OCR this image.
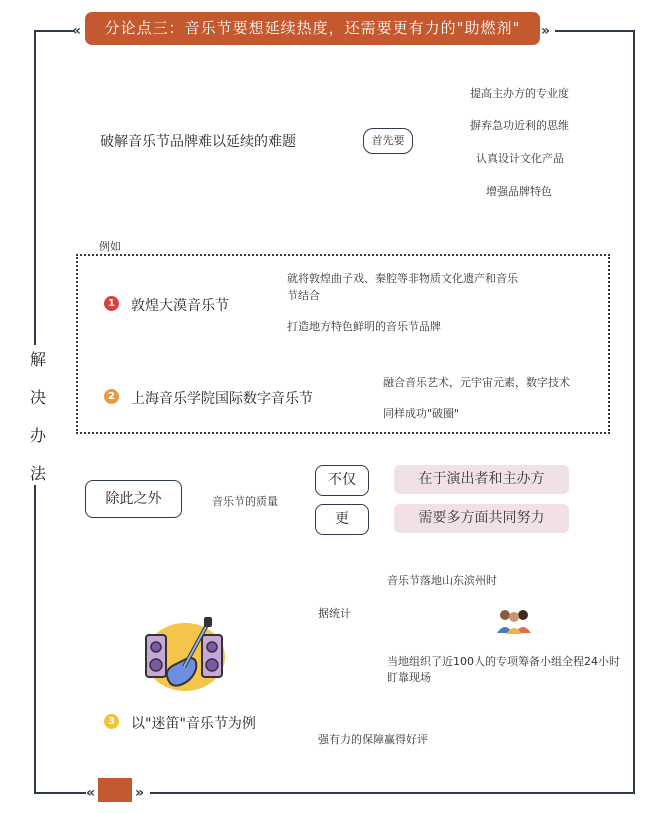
«	»
«	»
分论点三：音乐节要想延续热度，还需要更有力的"助燃剂"
解
决
办
法
破解音乐节品牌难以延续的难题	首先要
提高主办方的专业度
摒弃急功近利的思维
认真设计文化产品
增强品牌特色
例如
1 敦煌大漠音乐节
就将敦煌曲子戏、秦腔等非物质文化遗产和音乐
节结合
打造地方特色鲜明的音乐节品牌
2 上海音乐学院国际数字音乐节
融合音乐艺术，元宇宙元素，数字技术
同样成功"破圈"
除此之外	音乐节的质量
不仅	在于演出者和主办方
更	需要多方面共同努力
音乐节落地山东滨州时
据统计
当地组织了近100人的专项筹备小组全程24小时
盯靠现场
3 以"迷笛"音乐节为例
强有力的保障赢得好评
